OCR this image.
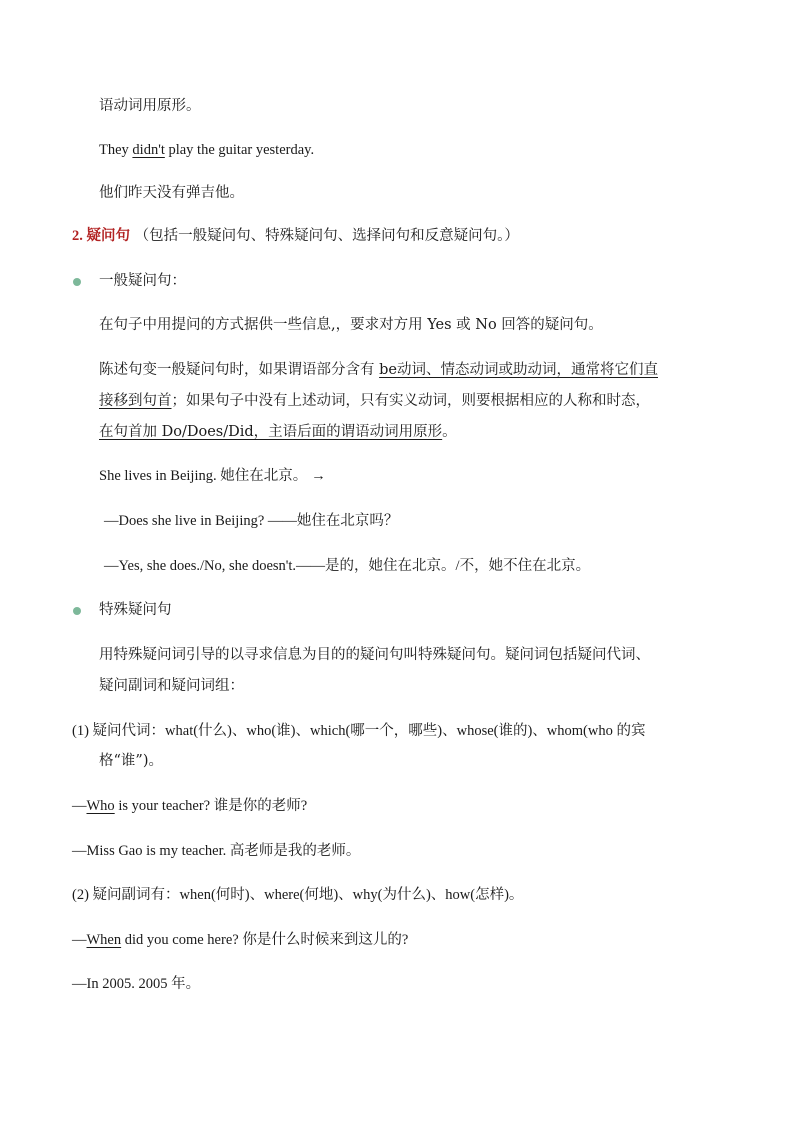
语动词用原形。
They didn't play the guitar yesterday.
他们昨天没有弹吉他。
2. 疑问句 （包括一般疑问句、特殊疑问句、选择问句和反意疑问句。）
一般疑问句：
在句子中用提问的方式据供一些信息,，要求对方用 Yes 或 No 回答的疑问句。
陈述句变一般疑问句时，如果谓语部分含有 be动词、情态动词或助动词，通常将它们直
接移到句首；如果句子中没有上述动词，只有实义动词，则要根据相应的人称和时态，
在句首加 Do/Does/Did，主语后面的谓语动词用原形。
She lives in Beijing. 她住在北京。 →
—Does she live in Beijing? ——她住在北京吗？
—Yes, she does./No, she doesn't.——是的，她住在北京。/不，她不住在北京。
特殊疑问句
用特殊疑问词引导的以寻求信息为目的的疑问句叫特殊疑问句。疑问词包括疑问代词、
疑问副词和疑问词组：
(1) 疑问代词：what(什么)、who(谁)、which(哪一个，哪些)、whose(谁的)、whom(who 的宾
格“谁”)。
—Who is your teacher? 谁是你的老师?
—Miss Gao is my teacher. 高老师是我的老师。
(2) 疑问副词有：when(何时)、where(何地)、why(为什么)、how(怎样)。
—When did you come here? 你是什么时候来到这儿的?
—In 2005. 2005 年。
